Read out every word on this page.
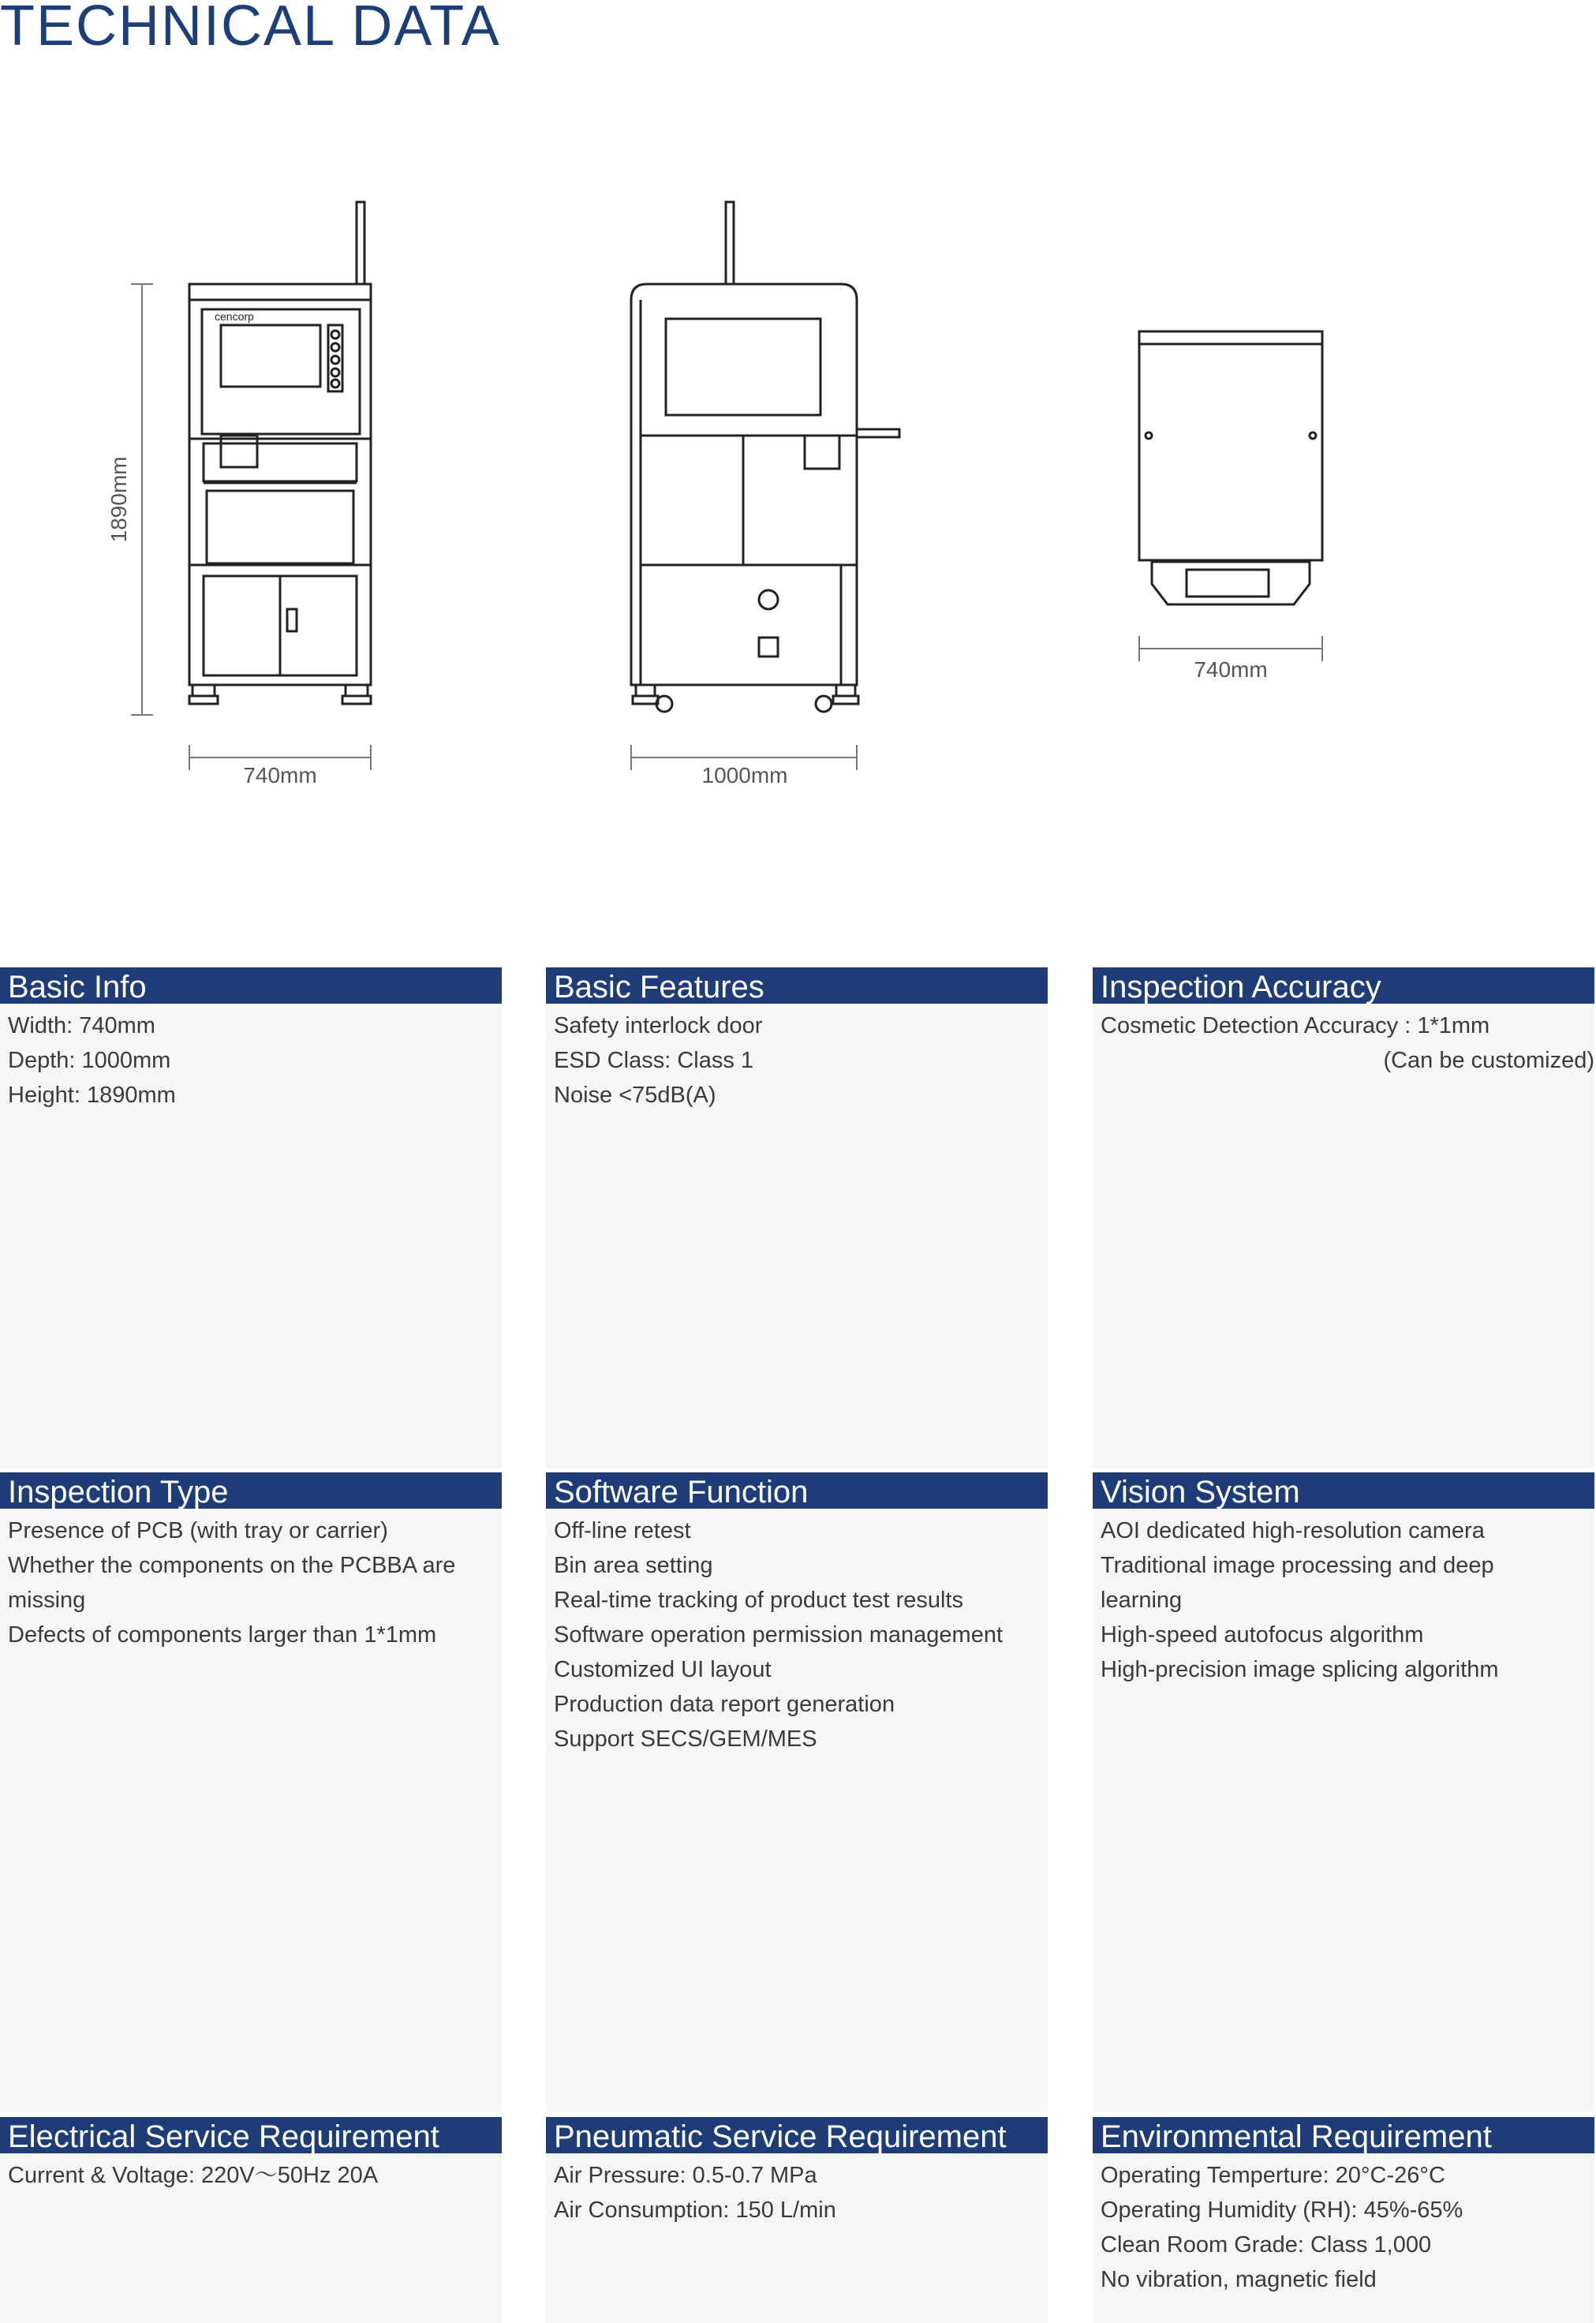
TECHNICAL DATA
cencorp
1890mm
740mm	1000mm
740mm
Basic Info
Width: 740mm
Depth: 1000mm
Height: 1890mm
Basic Features
Safety interlock door
ESD Class: Class 1
Noise <75dB(A)
Inspection Accuracy
Cosmetic Detection Accuracy : 1*1mm
(Can be customized)
Inspection Type
Presence of PCB (with tray or carrier)
Whether the components on the PCBBA are
missing
Defects of components larger than 1*1mm
Software Function
Off-line retest
Bin area setting
Real-time tracking of product test results
Software operation permission management
Customized UI layout
Production data report generation
Support SECS/GEM/MES
Vision System
AOI dedicated high-resolution camera
Traditional image processing and deep
learning
High-speed autofocus algorithm
High-precision image splicing algorithm
Electrical Service Requirement
Current & Voltage: 220V～50Hz 20A
Pneumatic Service Requirement
Air Pressure: 0.5-0.7 MPa
Air Consumption: 150 L/min
Environmental Requirement
Operating Temperture: 20°C-26°C
Operating Humidity (RH): 45%-65%
Clean Room Grade: Class 1,000
No vibration, magnetic field
